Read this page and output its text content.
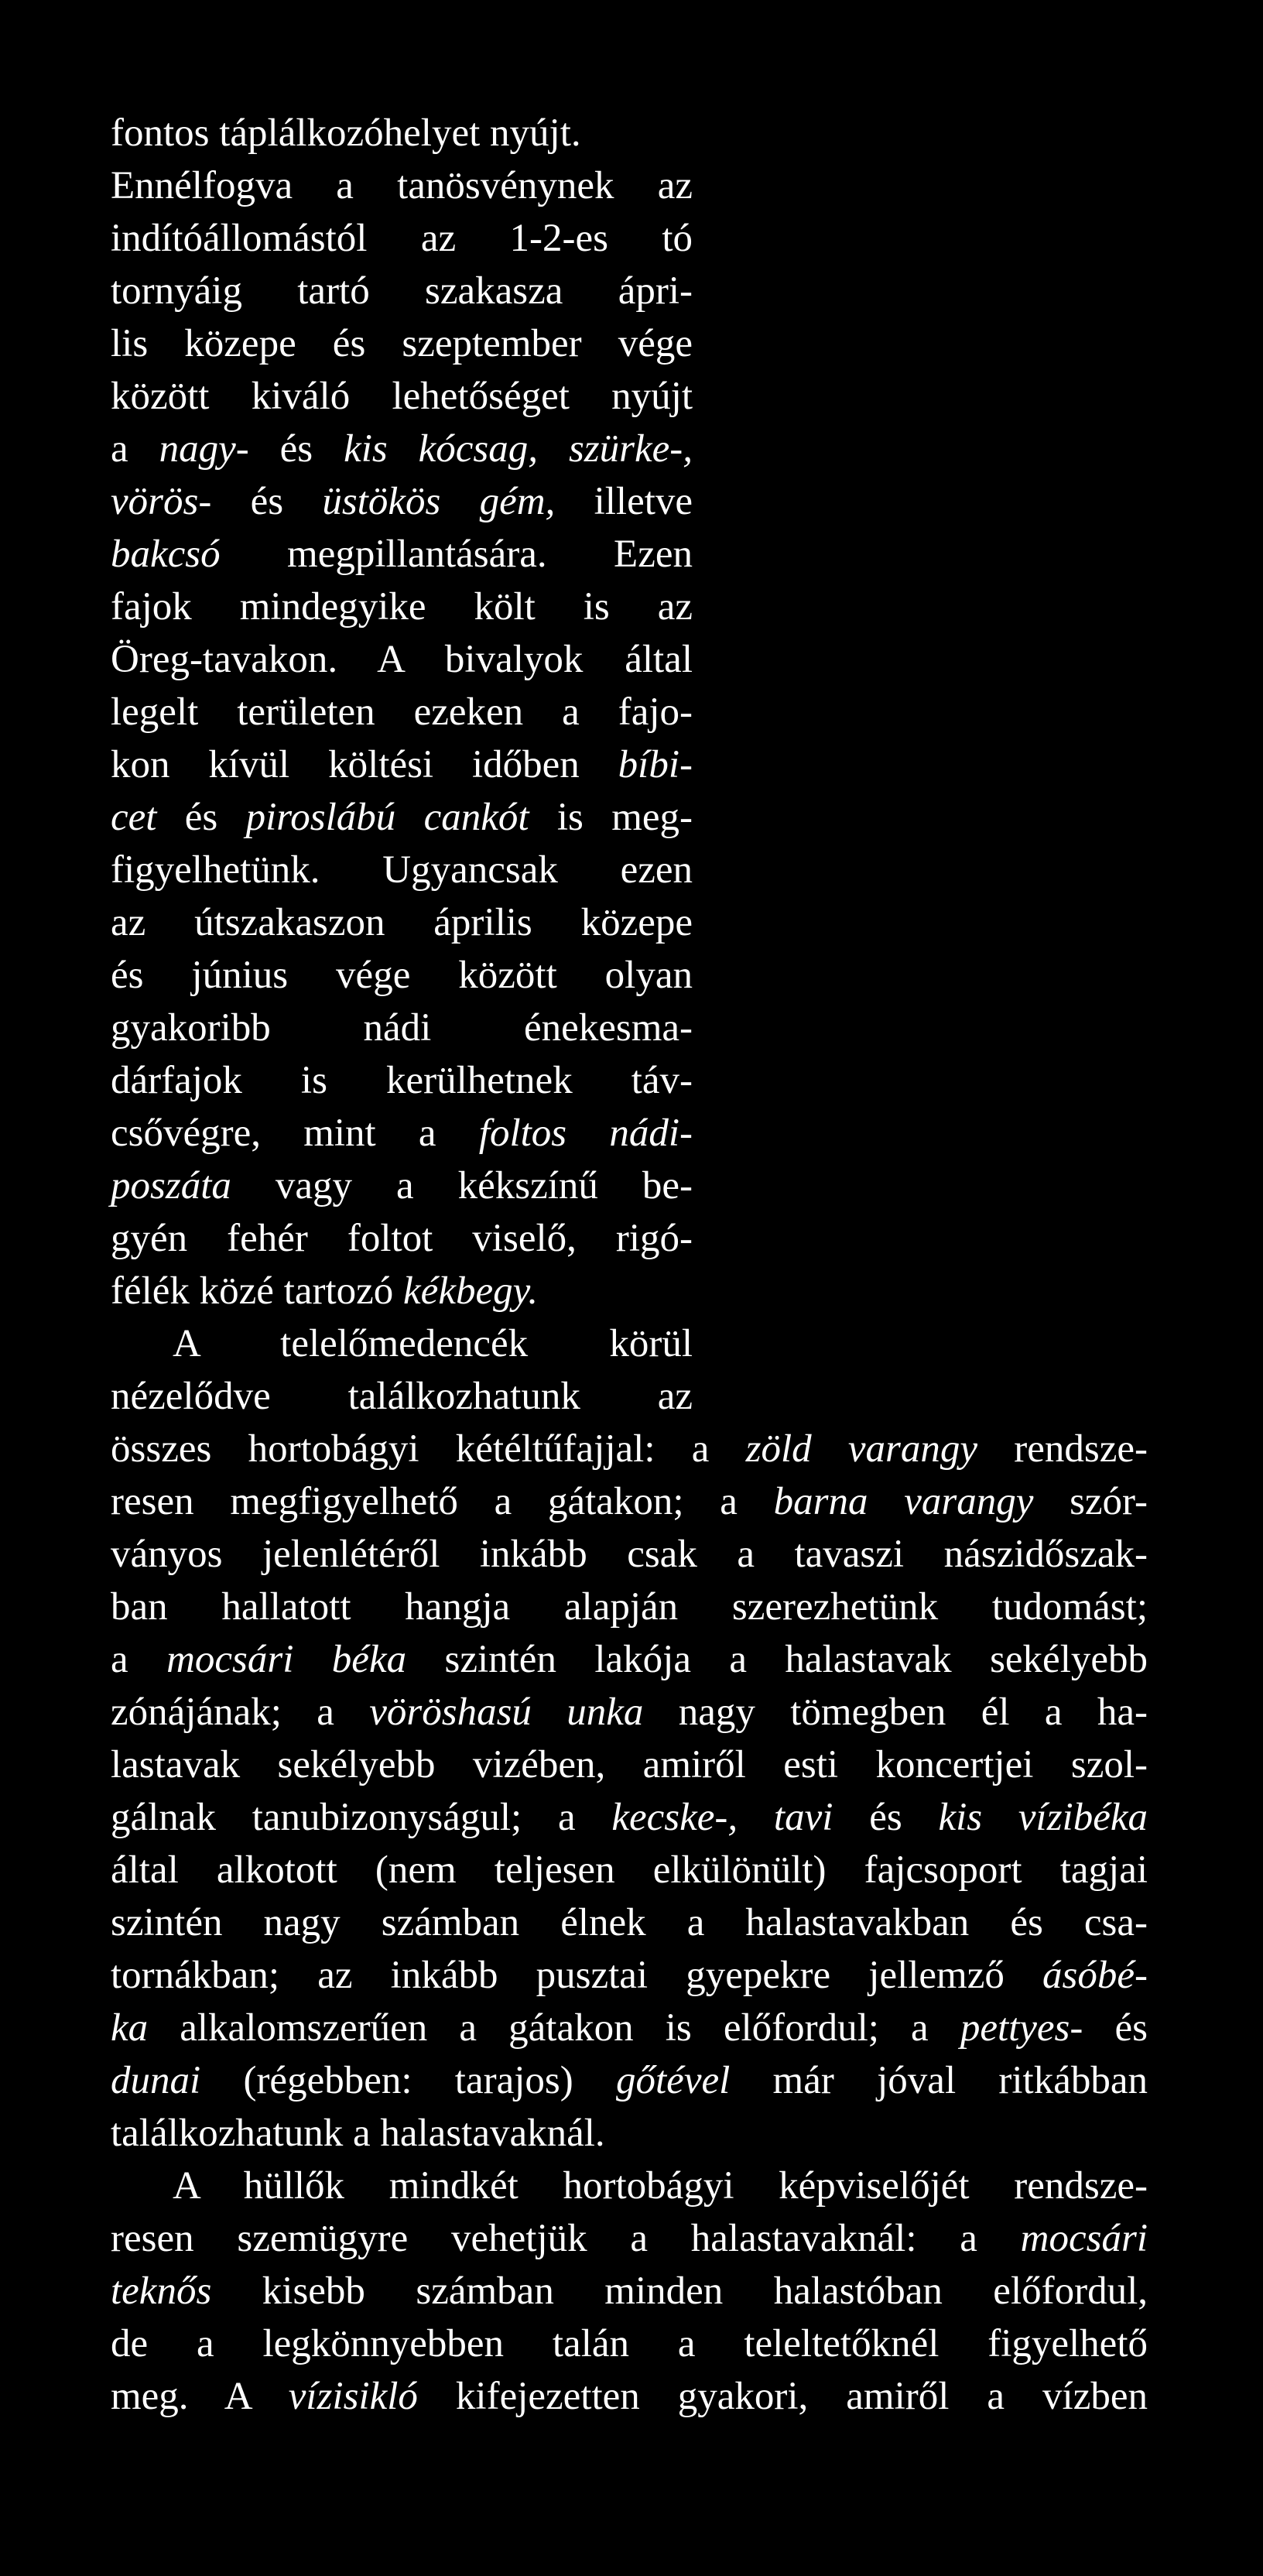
fontos táplálkozóhelyet nyújt.
Ennélfogva a tanösvénynek az
indítóállomástól az 1-2-es tó
tornyáig tartó szakasza ápri-
lis közepe és szeptember vége
között kiváló lehetőséget nyújt
a nagy- és kis kócsag, szürke-,
vörös- és üstökös gém, illetve
bakcsó megpillantására. Ezen
fajok mindegyike költ is az
Öreg-tavakon. A bivalyok által
legelt területen ezeken a fajo-
kon kívül költési időben bíbi-
cet és piroslábú cankót is meg-
figyelhetünk. Ugyancsak ezen
az útszakaszon április közepe
és június vége között olyan
gyakoribb nádi énekesma-
dárfajok is kerülhetnek táv-
csővégre, mint a foltos nádi-
poszáta vagy a kékszínű be-
gyén fehér foltot viselő, rigó-
félék közé tartozó kékbegy.
A telelőmedencék körül
nézelődve találkozhatunk az
összes hortobágyi kétéltűfajjal: a zöld varangy rendsze-
resen megfigyelhető a gátakon; a barna varangy szór-
ványos jelenlétéről inkább csak a tavaszi nászidőszak-
ban hallatott hangja alapján szerezhetünk tudomást;
a mocsári béka szintén lakója a halastavak sekélyebb
zónájának; a vöröshasú unka nagy tömegben él a ha-
lastavak sekélyebb vizében, amiről esti koncertjei szol-
gálnak tanubizonyságul; a kecske-, tavi és kis vízibéka
által alkotott (nem teljesen elkülönült) fajcsoport tagjai
szintén nagy számban élnek a halastavakban és csa-
tornákban; az inkább pusztai gyepekre jellemző ásóbé-
ka alkalomszerűen a gátakon is előfordul; a pettyes- és
dunai (régebben: tarajos) gőtével már jóval ritkábban
találkozhatunk a halastavaknál.
A hüllők mindkét hortobágyi képviselőjét rendsze-
resen szemügyre vehetjük a halastavaknál: a mocsári
teknős kisebb számban minden halastóban előfordul,
de a legkönnyebben talán a teleltetőknél figyelhető
meg. A vízisikló kifejezetten gyakori, amiről a vízben
